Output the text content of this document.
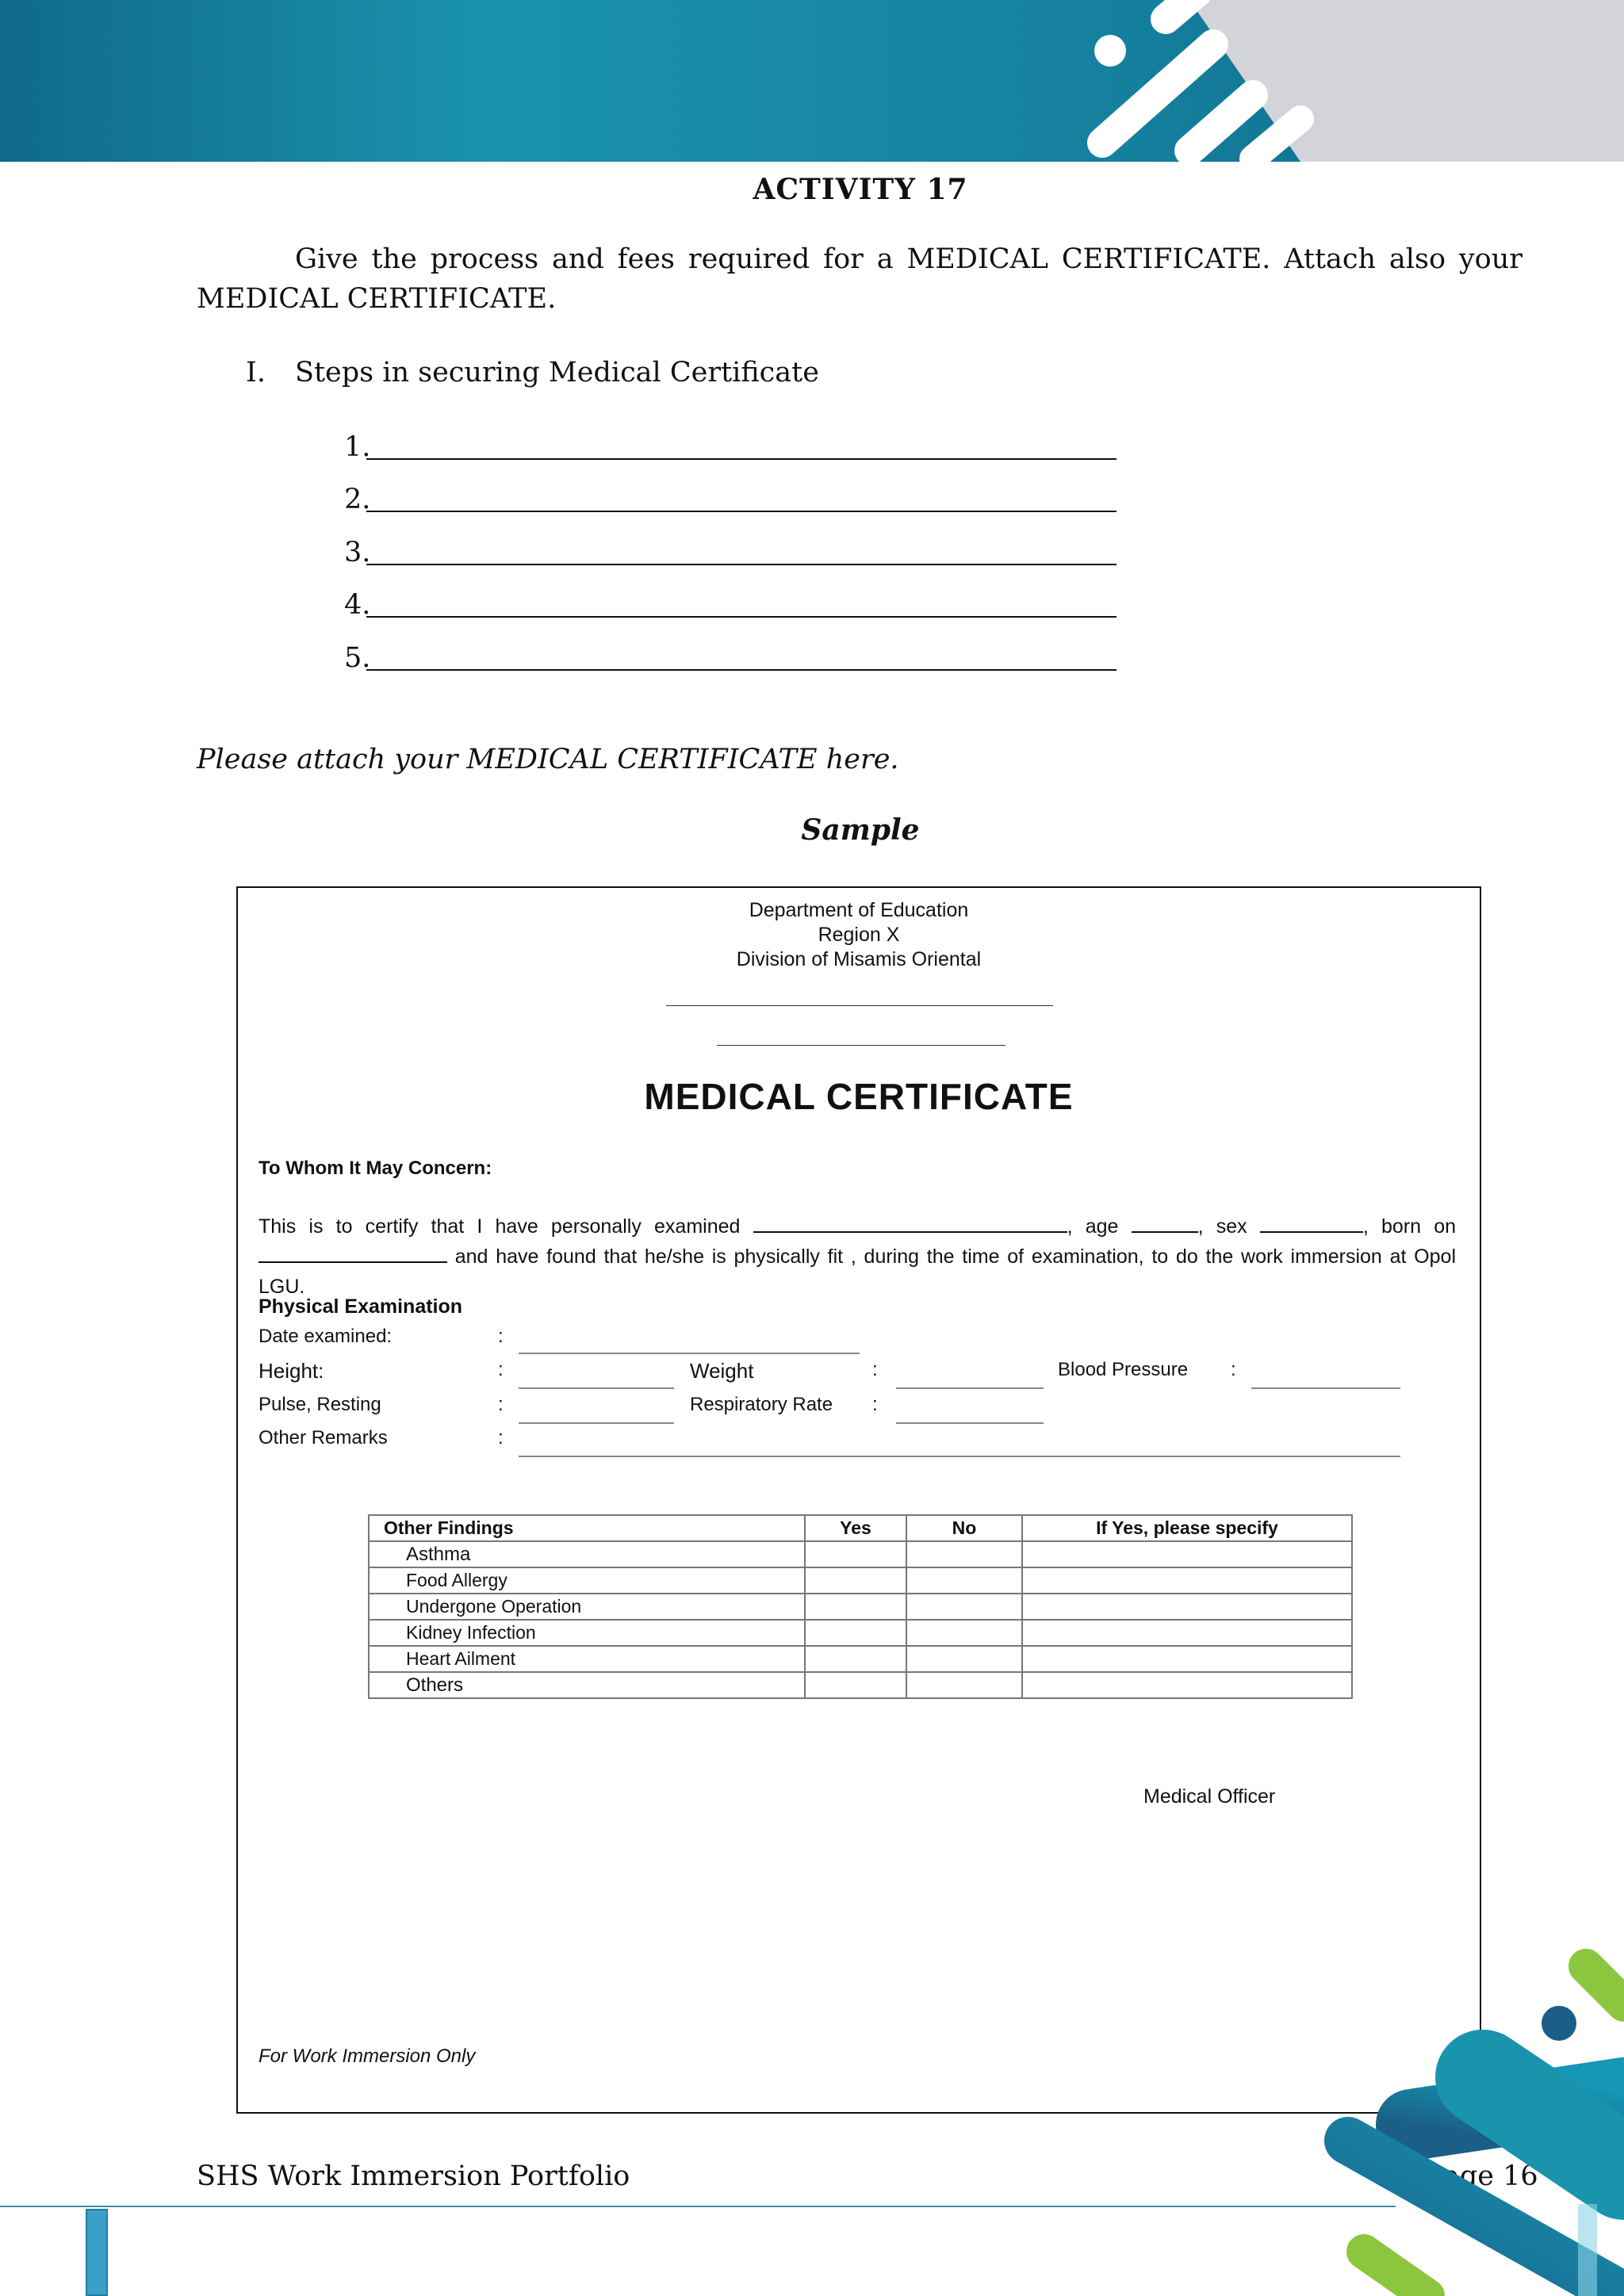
ACTIVITY 17
Give the process and fees required for a MEDICAL CERTIFICATE. Attach also your MEDICAL CERTIFICATE.
I. Steps in securing Medical Certificate
1.
2.
3.
4.
5.
Please attach your MEDICAL CERTIFICATE here.
Sample
Department of Education
Region X
Division of Misamis Oriental
MEDICAL CERTIFICATE
To Whom It May Concern:
This is to certify that I have personally examined	, age	, sex	, born on  and have found that he/she is physically fit , during the time of examination, to do the work immersion at Opol LGU.
Physical Examination
Date examined:	:
Height:	:	Weight	:	Blood Pressure :
Pulse, Resting	:	Respiratory Rate :
Other Remarks	:
Other Findings	Yes	No	If Yes, please specify
Asthma			
Food Allergy			
Undergone Operation			
Kidney Infection			
Heart Ailment			
Others			
Medical Officer
For Work Immersion Only
SHS Work Immersion Portfolio	Page 16
